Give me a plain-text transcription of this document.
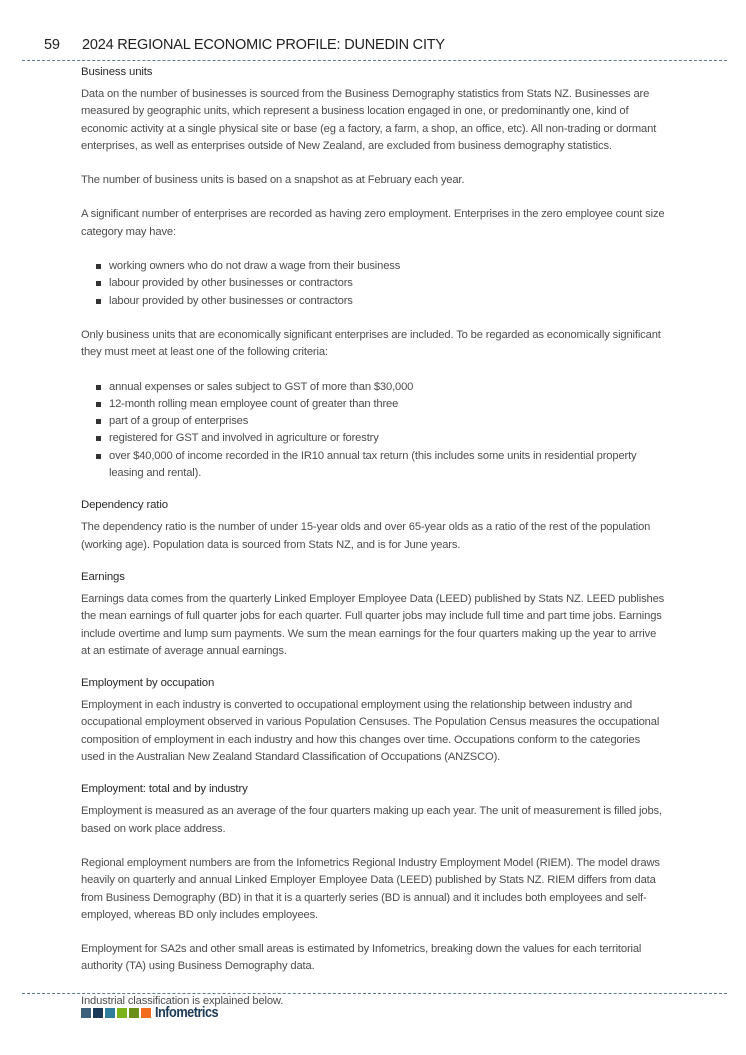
59	2024 REGIONAL ECONOMIC PROFILE: DUNEDIN CITY
Business units

Data on the number of businesses is sourced from the Business Demography statistics from Stats NZ. Businesses are measured by geographic units, which represent a business location engaged in one, or predominantly one, kind of economic activity at a single physical site or base (eg a factory, a farm, a shop, an office, etc). All non-trading or dormant enterprises, as well as enterprises outside of New Zealand, are excluded from business demography statistics.

The number of business units is based on a snapshot as at February each year.

A significant number of enterprises are recorded as having zero employment. Enterprises in the zero employee count size category may have:

working owners who do not draw a wage from their business
labour provided by other businesses or contractors
labour provided by other businesses or contractors

Only business units that are economically significant enterprises are included. To be regarded as economically significant they must meet at least one of the following criteria:

annual expenses or sales subject to GST of more than $30,000
12-month rolling mean employee count of greater than three
part of a group of enterprises
registered for GST and involved in agriculture or forestry
over $40,000 of income recorded in the IR10 annual tax return (this includes some units in residential property leasing and rental).
Dependency ratio

The dependency ratio is the number of under 15-year olds and over 65-year olds as a ratio of the rest of the population (working age). Population data is sourced from Stats NZ, and is for June years.

Earnings

Earnings data comes from the quarterly Linked Employer Employee Data (LEED) published by Stats NZ. LEED publishes the mean earnings of full quarter jobs for each quarter. Full quarter jobs may include full time and part time jobs. Earnings include overtime and lump sum payments. We sum the mean earnings for the four quarters making up the year to arrive at an estimate of average annual earnings.

Employment by occupation

Employment in each industry is converted to occupational employment using the relationship between industry and occupational employment observed in various Population Censuses. The Population Census measures the occupational composition of employment in each industry and how this changes over time. Occupations conform to the categories used in the Australian New Zealand Standard Classification of Occupations (ANZSCO).

Employment: total and by industry

Employment is measured as an average of the four quarters making up each year. The unit of measurement is filled jobs, based on work place address.

Regional employment numbers are from the Infometrics Regional Industry Employment Model (RIEM). The model draws heavily on quarterly and annual Linked Employer Employee Data (LEED) published by Stats NZ. RIEM differs from data from Business Demography (BD) in that it is a quarterly series (BD is annual) and it includes both employees and self-employed, whereas BD only includes employees.

Employment for SA2s and other small areas is estimated by Infometrics, breaking down the values for each territorial authority (TA) using Business Demography data.

Industrial classification is explained below.

Infometrics
